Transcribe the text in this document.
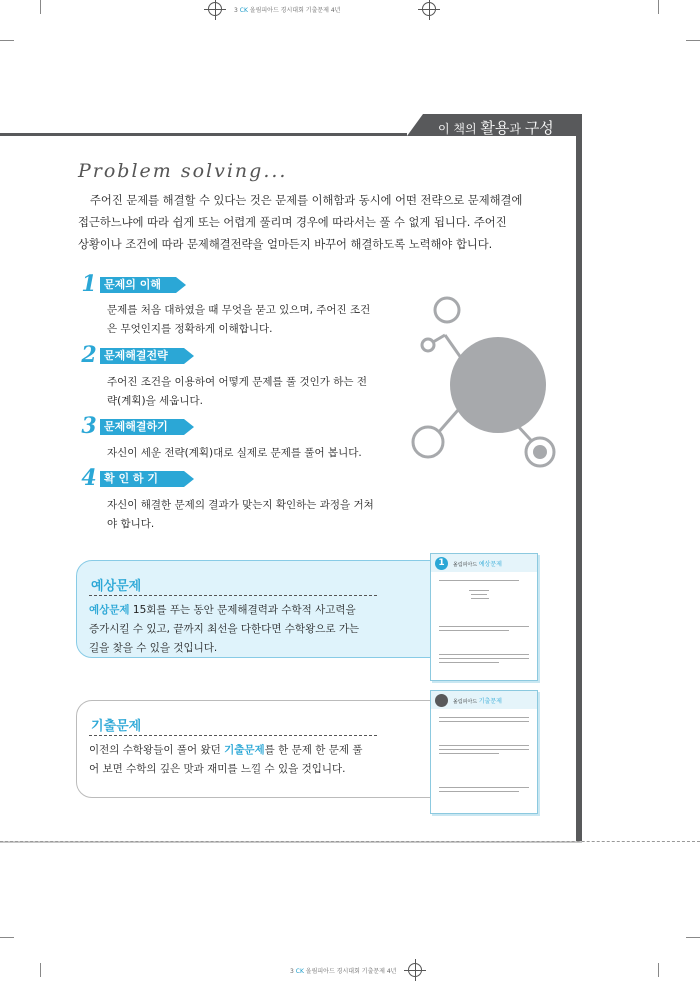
3 CK 올림피아드 경시대회 기출문제 4년
이 책의 활용과 구성
Problem solving...
주어진 문제를 해결할 수 있다는 것은 문제를 이해함과 동시에 어떤 전략으로 문제해결에
접근하느냐에 따라 쉽게 또는 어렵게 풀리며 경우에 따라서는 풀 수 없게 됩니다. 주어진
상황이나 조건에 따라 문제해결전략을 얼마든지 바꾸어 해결하도록 노력해야 합니다.
문제의 이해
1
문제를 처음 대하였을 때 무엇을 묻고 있으며, 주어진 조건
은 무엇인지를 정확하게 이해합니다.
문제해결전략
2
주어진 조건을 이용하여 어떻게 문제를 풀 것인가 하는 전
략(계획)을 세웁니다.
문제해결하기
3
자신이 세운 전략(계획)대로 실제로 문제를 풀어 봅니다.
확 인 하 기
4
자신이 해결한 문제의 결과가 맞는지 확인하는 과정을 거쳐
야 합니다.
예상문제
예상문제 15회를 푸는 동안 문제해결력과 수학적 사고력을
증가시킬 수 있고, 끝까지 최선을 다한다면 수학왕으로 가는
길을 찾을 수 있을 것입니다.
1	올림피아드 예상문제
기출문제
이전의 수학왕들이 풀어 왔던 기출문제를 한 문제 한 문제 풀
어 보면 수학의 깊은 맛과 재미를 느낄 수 있을 것입니다.
올림피아드 기출문제
3 CK 올림피아드 경시대회 기출문제 4년
